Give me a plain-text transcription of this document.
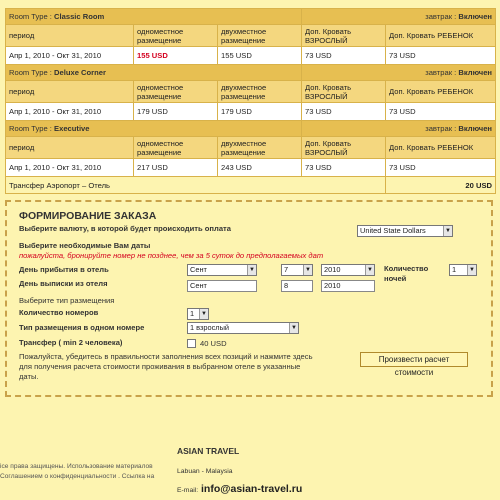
Room Type : Classic Room			завтрак : Включен	
период	одноместное размещение	двухместное размещение	Доп. Кровать ВЗРОСЛЫЙ	Доп. Кровать РЕБЕНОК
Апр 1, 2010 - Окт 31, 2010	155 USD	155 USD	73 USD	73 USD
Room Type : Deluxe Corner			завтрак : Включен	
период	одноместное размещение	двухместное размещение	Доп. Кровать ВЗРОСЛЫЙ	Доп. Кровать РЕБЕНОК
Апр 1, 2010 - Окт 31, 2010	179 USD	179 USD	73 USD	73 USD
Room Type : Executive			завтрак : Включен	
период	одноместное размещение	двухместное размещение	Доп. Кровать ВЗРОСЛЫЙ	Доп. Кровать РЕБЕНОК
Апр 1, 2010 - Окт 31, 2010	217 USD	243 USD	73 USD	73 USD
Трансфер Аэропорт – Отель				20 USD
ФОРМИРОВАНИЕ ЗАКАЗА
Выберите валюту, в которой будет происходить оплата	United State Dollars	▼
Выберите необходимые Вам даты
пожалуйста, бронируйте номер не позднее, чем за 5 суток до предполагаемых дат
День прибытия в отель	Сент	▼	7	▼	2010	▼ Количество ночей
1	▼
День выписки из отеля	Сент	8	2010
Выберите тип размещения
Количество номеров	1	▼
Тип размещения в одном номере	1 взрослый	▼
Трансфер ( min 2 человека)	40 USD
Пожалуйста, убедитесь в правильности заполнения всех позиций и нажмите здесь для получения расчета стоимости проживания в выбранном отеле в указанные даты.
Произвести расчет стоимости
ісе права защищены. Использование материалов
Соглашением о конфиденциальности . Ссылка на
ASIAN TRAVEL
Labuan - Malaysia
E-mail: info@asian-travel.ru
